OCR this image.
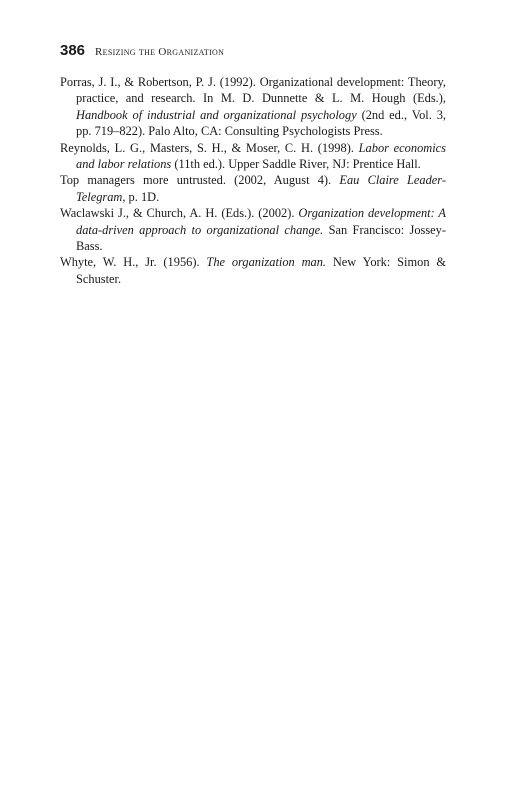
386 Resizing the Organization
Porras, J. I., & Robertson, P. J. (1992). Organizational development: Theory, practice, and research. In M. D. Dunnette & L. M. Hough (Eds.), Handbook of industrial and organizational psychology (2nd ed., Vol. 3, pp. 719–822). Palo Alto, CA: Consulting Psychologists Press.
Reynolds, L. G., Masters, S. H., & Moser, C. H. (1998). Labor economics and labor relations (11th ed.). Upper Saddle River, NJ: Prentice Hall.
Top managers more untrusted. (2002, August 4). Eau Claire Leader-Telegram, p. 1D.
Waclawski J., & Church, A. H. (Eds.). (2002). Organization development: A data-driven approach to organizational change. San Francisco: Jossey-Bass.
Whyte, W. H., Jr. (1956). The organization man. New York: Simon & Schuster.
